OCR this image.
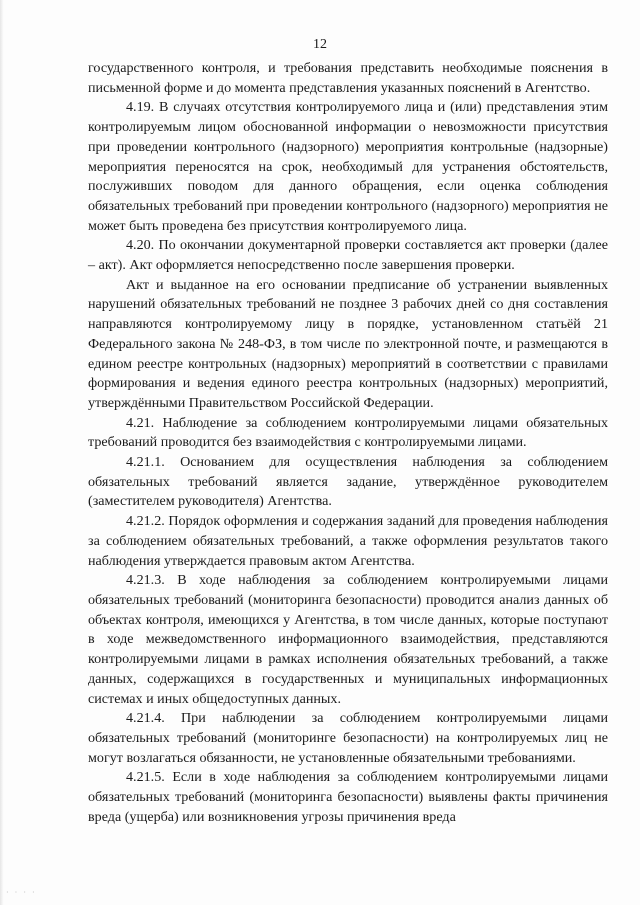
12

государственного контроля, и требования представить необходимые пояснения в письменной форме и до момента представления указанных пояснений в Агентство.

4.19. В случаях отсутствия контролируемого лица и (или) представления этим контролируемым лицом обоснованной информации о невозможности присутствия при проведении контрольного (надзорного) мероприятия контрольные (надзорные) мероприятия переносятся на срок, необходимый для устранения обстоятельств, послуживших поводом для данного обращения, если оценка соблюдения обязательных требований при проведении контрольного (надзорного) мероприятия не может быть проведена без присутствия контролируемого лица.

4.20. По окончании документарной проверки составляется акт проверки (далее – акт). Акт оформляется непосредственно после завершения проверки.

Акт и выданное на его основании предписание об устранении выявленных нарушений обязательных требований не позднее 3 рабочих дней со дня составления направляются контролируемому лицу в порядке, установленном статьёй 21 Федерального закона № 248-ФЗ, в том числе по электронной почте, и размещаются в едином реестре контрольных (надзорных) мероприятий в соответствии с правилами формирования и ведения единого реестра контрольных (надзорных) мероприятий, утверждёнными Правительством Российской Федерации.

4.21. Наблюдение за соблюдением контролируемыми лицами обязательных требований проводится без взаимодействия с контролируемыми лицами.

4.21.1. Основанием для осуществления наблюдения за соблюдением обязательных требований является задание, утверждённое руководителем (заместителем руководителя) Агентства.

4.21.2. Порядок оформления и содержания заданий для проведения наблюдения за соблюдением обязательных требований, а также оформления результатов такого наблюдения утверждается правовым актом Агентства.

4.21.3. В ходе наблюдения за соблюдением контролируемыми лицами обязательных требований (мониторинга безопасности) проводится анализ данных об объектах контроля, имеющихся у Агентства, в том числе данных, которые поступают в ходе межведомственного информационного взаимодействия, представляются контролируемыми лицами в рамках исполнения обязательных требований, а также данных, содержащихся в государственных и муниципальных информационных системах и иных общедоступных данных.

4.21.4. При наблюдении за соблюдением контролируемыми лицами обязательных требований (мониторинге безопасности) на контролируемых лиц не могут возлагаться обязанности, не установленные обязательными требованиями.

4.21.5. Если в ходе наблюдения за соблюдением контролируемыми лицами обязательных требований (мониторинга безопасности) выявлены факты причинения вреда (ущерба) или возникновения угрозы причинения вреда

· · · ·
